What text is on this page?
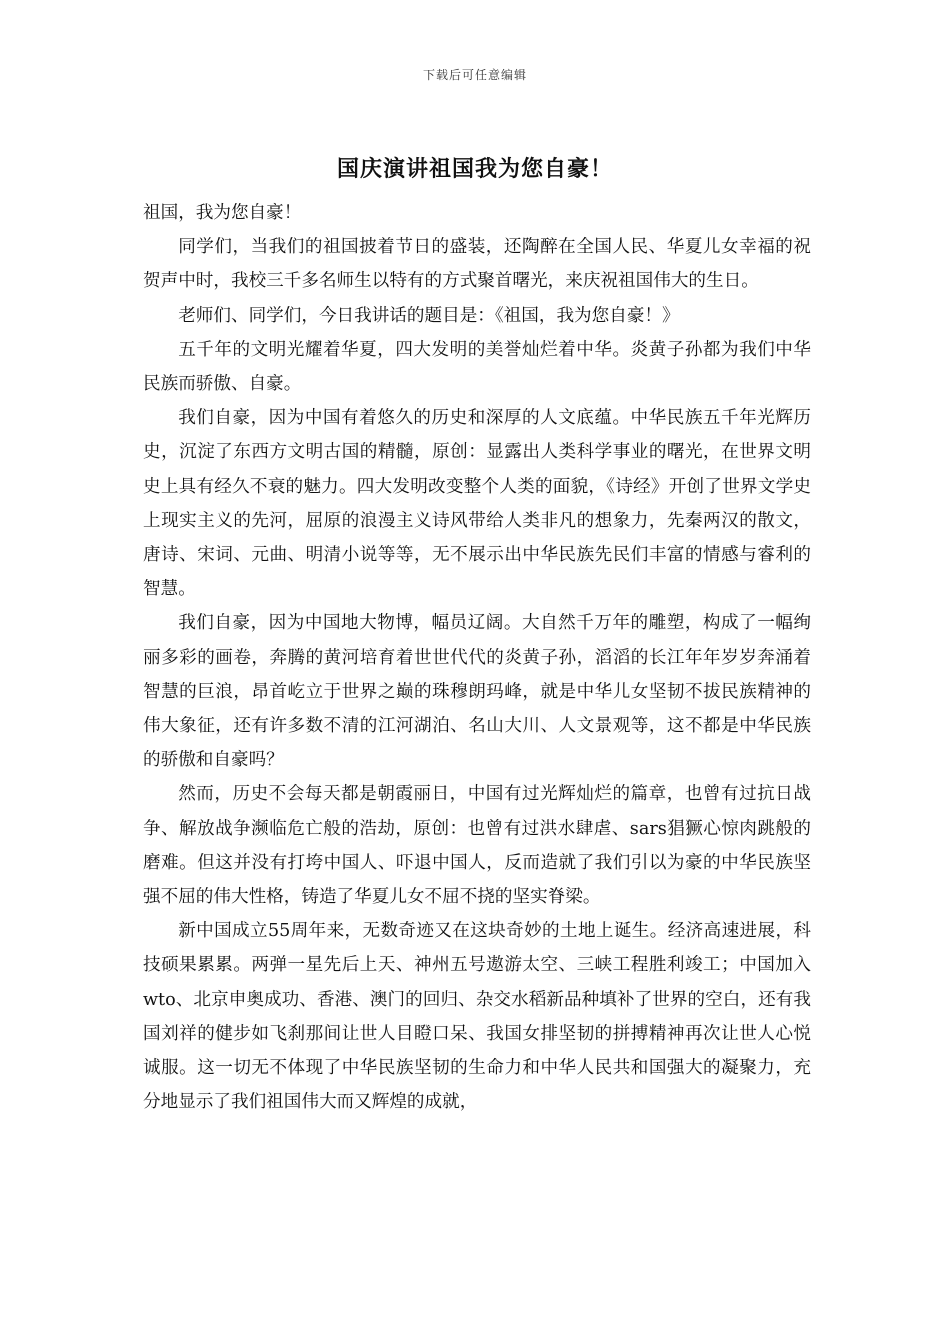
下载后可任意编辑
国庆演讲祖国我为您自豪！

祖国，我为您自豪！

同学们，当我们的祖国披着节日的盛装，还陶醉在全国人民、华夏儿女幸福的祝贺声中时，我校三千多名师生以特有的方式聚首曙光，来庆祝祖国伟大的生日。

老师们、同学们，今日我讲话的题目是：《祖国，我为您自豪！》

五千年的文明光耀着华夏，四大发明的美誉灿烂着中华。炎黄子孙都为我们中华民族而骄傲、自豪。

我们自豪，因为中国有着悠久的历史和深厚的人文底蕴。中华民族五千年光辉历史，沉淀了东西方文明古国的精髓，原创：显露出人类科学事业的曙光，在世界文明史上具有经久不衰的魅力。四大发明改变整个人类的面貌，《诗经》开创了世界文学史上现实主义的先河，屈原的浪漫主义诗风带给人类非凡的想象力，先秦两汉的散文，唐诗、宋词、元曲、明清小说等等，无不展示出中华民族先民们丰富的情感与睿利的智慧。

我们自豪，因为中国地大物博，幅员辽阔。大自然千万年的雕塑，构成了一幅绚丽多彩的画卷，奔腾的黄河培育着世世代代的炎黄子孙，滔滔的长江年年岁岁奔涌着智慧的巨浪，昂首屹立于世界之巅的珠穆朗玛峰，就是中华儿女坚韧不拔民族精神的伟大象征，还有许多数不清的江河湖泊、名山大川、人文景观等，这不都是中华民族的骄傲和自豪吗？

然而，历史不会每天都是朝霞丽日，中国有过光辉灿烂的篇章，也曾有过抗日战争、解放战争濒临危亡般的浩劫，原创：也曾有过洪水肆虐、sars猖獗心惊肉跳般的磨难。但这并没有打垮中国人、吓退中国人，反而造就了我们引以为豪的中华民族坚强不屈的伟大性格，铸造了华夏儿女不屈不挠的坚实脊梁。

新中国成立55周年来，无数奇迹又在这块奇妙的土地上诞生。经济高速进展，科技硕果累累。两弹一星先后上天、神州五号遨游太空、三峡工程胜利竣工；中国加入wto、北京申奥成功、香港、澳门的回归、杂交水稻新品种填补了世界的空白，还有我国刘祥的健步如飞刹那间让世人目瞪口呆、我国女排坚韧的拼搏精神再次让世人心悦诚服。这一切无不体现了中华民族坚韧的生命力和中华人民共和国强大的凝聚力，充分地显示了我们祖国伟大而又辉煌的成就，
